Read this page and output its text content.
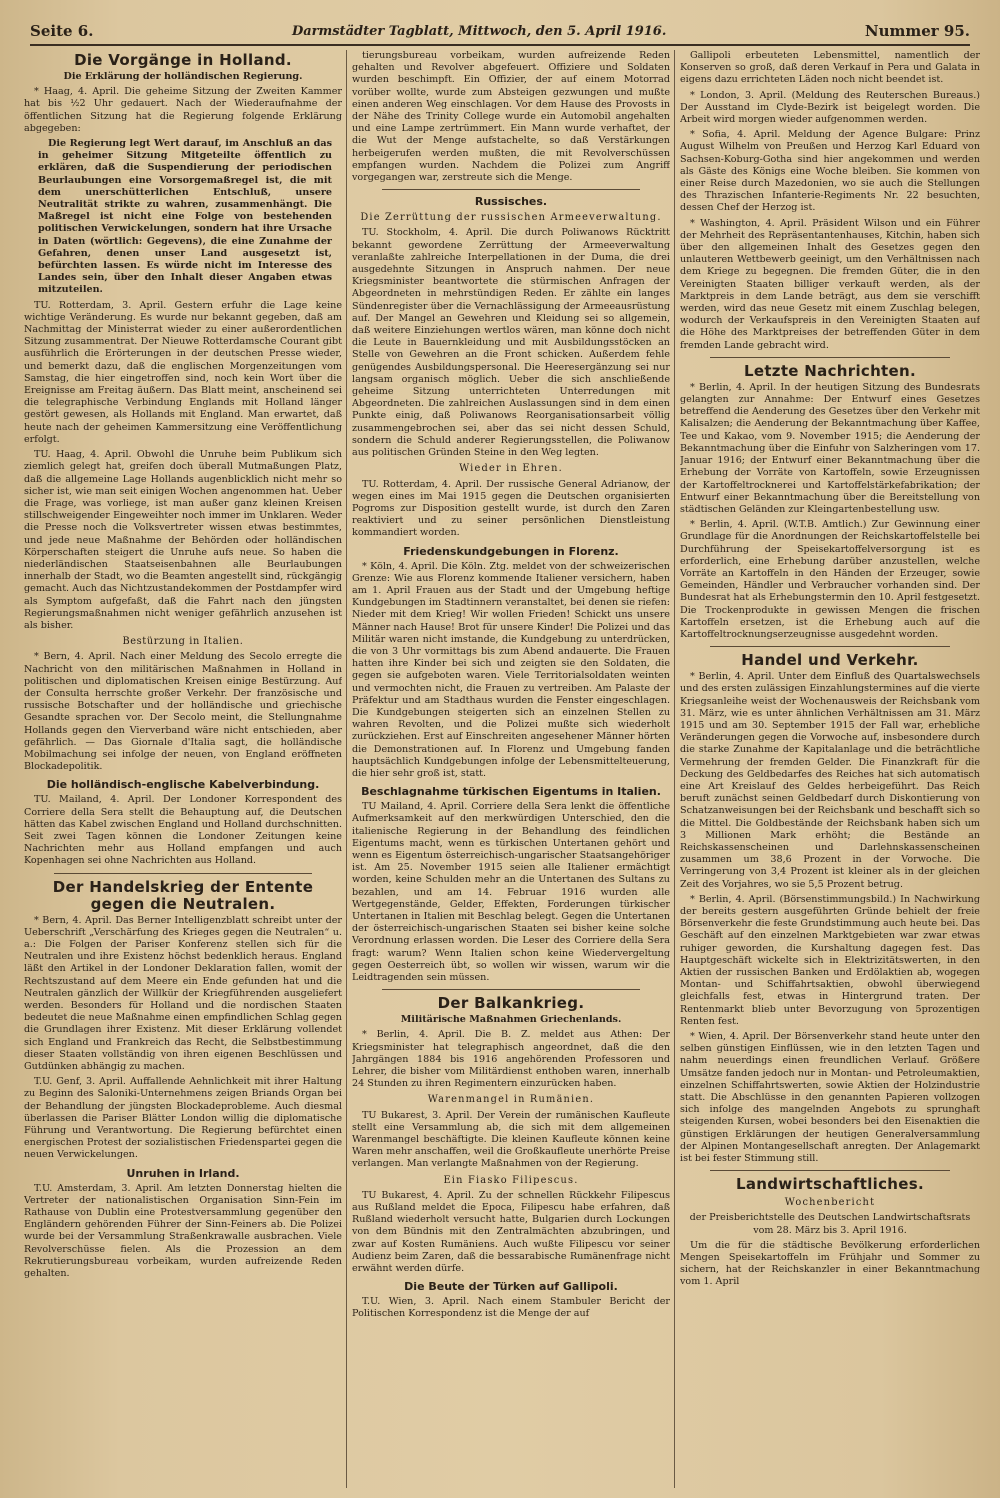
Seite 6.	Darmstädter Tagblatt, Mittwoch, den 5. April 1916.	Nummer 95.
Die Vorgänge in Holland.
Die Erklärung der holländischen Regierung.

* Haag, 4. April. Die geheime Sitzung der Zweiten Kammer hat bis ½2 Uhr gedauert. Nach der Wiederaufnahme der öffentlichen Sitzung hat die Regierung folgende Erklärung abgegeben:

Die Regierung legt Wert darauf, im Anschluß an das in geheimer Sitzung Mitgeteilte öffentlich zu erklären, daß die Suspendierung der periodischen Beurlaubungen eine Vorsorgemaßregel ist, die mit dem unerschütterlichen Entschluß, unsere Neutralität strikte zu wahren, zusammenhängt. Die Maßregel ist nicht eine Folge von bestehenden politischen Verwickelungen, sondern hat ihre Ursache in Daten (wörtlich: Gegevens), die eine Zunahme der Gefahren, denen unser Land ausgesetzt ist, befürchten lassen. Es würde nicht im Interesse des Landes sein, über den Inhalt dieser Angaben etwas mitzuteilen.

TU. Rotterdam, 3. April. Gestern erfuhr die Lage keine wichtige Veränderung. Es wurde nur bekannt gegeben, daß am Nachmittag der Ministerrat wieder zu einer außerordentlichen Sitzung zusammentrat. Der Nieuwe Rotterdamsche Courant gibt ausführlich die Erörterungen in der deutschen Presse wieder, und bemerkt dazu, daß die englischen Morgenzeitungen vom Samstag, die hier eingetroffen sind, noch kein Wort über die Ereignisse am Freitag äußern. Das Blatt meint, anscheinend sei die telegraphische Verbindung Englands mit Holland länger gestört gewesen, als Hollands mit England. Man erwartet, daß heute nach der geheimen Kammersitzung eine Veröffentlichung erfolgt.

TU. Haag, 4. April. Obwohl die Unruhe beim Publikum sich ziemlich gelegt hat, greifen doch überall Mutmaßungen Platz, daß die allgemeine Lage Hollands augenblicklich nicht mehr so sicher ist, wie man seit einigen Wochen angenommen hat. Ueber die Frage, was vorliege, ist man außer ganz kleinen Kreisen stillschweigender Eingeweihter noch immer im Unklaren. Weder die Presse noch die Volksvertreter wissen etwas bestimmtes, und jede neue Maßnahme der Behörden oder holländischen Körperschaften steigert die Unruhe aufs neue. So haben die niederländischen Staatseisenbahnen alle Beurlaubungen innerhalb der Stadt, wo die Beamten angestellt sind, rückgängig gemacht. Auch das Nichtzustandekommen der Postdampfer wird als Symptom aufgefaßt, daß die Fahrt nach den jüngsten Regierungsmaßnahmen nicht weniger gefährlich anzusehen ist als bisher.

Bestürzung in Italien.

* Bern, 4. April. Nach einer Meldung des Secolo erregte die Nachricht von den militärischen Maßnahmen in Holland in politischen und diplomatischen Kreisen einige Bestürzung. Auf der Consulta herrschte großer Verkehr. Der französische und russische Botschafter und der holländische und griechische Gesandte sprachen vor. Der Secolo meint, die Stellungnahme Hollands gegen den Vierverband wäre nicht entschieden, aber gefährlich. — Das Giornale d'Italia sagt, die holländische Mobilmachung sei infolge der neuen, von England eröffneten Blockadepolitik.

Die holländisch-englische Kabelverbindung.

TU. Mailand, 4. April. Der Londoner Korrespondent des Corriere della Sera stellt die Behauptung auf, die Deutschen hätten das Kabel zwischen England und Holland durchschnitten. Seit zwei Tagen können die Londoner Zeitungen keine Nachrichten mehr aus Holland empfangen und auch Kopenhagen sei ohne Nachrichten aus Holland.

Der Handelskrieg der Entente gegen die Neutralen.

* Bern, 4. April. Das Berner Intelligenzblatt schreibt unter der Ueberschrift „Verschärfung des Krieges gegen die Neutralen“ u. a.: Die Folgen der Pariser Konferenz stellen sich für die Neutralen und ihre Existenz höchst bedenklich heraus. England läßt den Artikel in der Londoner Deklaration fallen, womit der Rechtszustand auf dem Meere ein Ende gefunden hat und die Neutralen gänzlich der Willkür der Kriegführenden ausgeliefert werden. Besonders für Holland und die nordischen Staaten bedeutet die neue Maßnahme einen empfindlichen Schlag gegen die Grundlagen ihrer Existenz. Mit dieser Erklärung vollendet sich England und Frankreich das Recht, die Selbstbestimmung dieser Staaten vollständig von ihren eigenen Beschlüssen und Gutdünken abhängig zu machen.

T.U. Genf, 3. April. Auffallende Aehnlichkeit mit ihrer Haltung zu Beginn des Saloniki-Unternehmens zeigen Briands Organ bei der Behandlung der jüngsten Blockadeprobleme. Auch diesmal überlassen die Pariser Blätter London willig die diplomatische Führung und Verantwortung. Die Regierung befürchtet einen energischen Protest der sozialistischen Friedenspartei gegen die neuen Verwickelungen.

Unruhen in Irland.

T.U. Amsterdam, 3. April. Am letzten Donnerstag hielten die Vertreter der nationalistischen Organisation Sinn-Fein im Rathause von Dublin eine Protestversammlung gegenüber den Engländern gehörenden Führer der Sinn-Feiners ab. Die Polizei wurde bei der Versammlung Straßenkrawalle ausbrachen. Viele Revolverschüsse fielen. Als die Prozession an dem Rekrutierungsbureau vorbeikam, wurden aufreizende Reden gehalten.

tierungsbureau vorbeikam, wurden aufreizende Reden gehalten und Revolver abgefeuert. Offiziere und Soldaten wurden beschimpft. Ein Offizier, der auf einem Motorrad vorüber wollte, wurde zum Absteigen gezwungen und mußte einen anderen Weg einschlagen. Vor dem Hause des Provosts in der Nähe des Trinity College wurde ein Automobil angehalten und eine Lampe zertrümmert. Ein Mann wurde verhaftet, der die Wut der Menge aufstachelte, so daß Verstärkungen herbeigerufen werden mußten, die mit Revolverschüssen empfangen wurden. Nachdem die Polizei zum Angriff vorgegangen war, zerstreute sich die Menge.

Russisches.
Die Zerrüttung der russischen Armeeverwaltung.

TU. Stockholm, 4. April. Die durch Poliwanows Rücktritt bekannt gewordene Zerrüttung der Armeeverwaltung veranlaßte zahlreiche Interpellationen in der Duma, die drei ausgedehnte Sitzungen in Anspruch nahmen. Der neue Kriegsminister beantwortete die stürmischen Anfragen der Abgeordneten in mehrstündigen Reden. Er zählte ein langes Sündenregister über die Vernachlässigung der Armeeausrüstung auf. Der Mangel an Gewehren und Kleidung sei so allgemein, daß weitere Einziehungen wertlos wären, man könne doch nicht die Leute in Bauernkleidung und mit Ausbildungsstöcken an Stelle von Gewehren an die Front schicken. Außerdem fehle genügendes Ausbildungspersonal. Die Heeresergänzung sei nur langsam organisch möglich. Ueber die sich anschließende geheime Sitzung unterrichteten Unterredungen mit Abgeordneten. Die zahlreichen Auslassungen sind in dem einen Punkte einig, daß Poliwanows Reorganisationsarbeit völlig zusammengebrochen sei, aber das sei nicht dessen Schuld, sondern die Schuld anderer Regierungsstellen, die Poliwanow aus politischen Gründen Steine in den Weg legten.

Wieder in Ehren.

TU. Rotterdam, 4. April. Der russische General Adrianow, der wegen eines im Mai 1915 gegen die Deutschen organisierten Pogroms zur Disposition gestellt wurde, ist durch den Zaren reaktiviert und zu seiner persönlichen Dienstleistung kommandiert worden.

Friedenskundgebungen in Florenz.

* Köln, 4. April. Die Köln. Ztg. meldet von der schweizerischen Grenze: Wie aus Florenz kommende Italiener versichern, haben am 1. April Frauen aus der Stadt und der Umgebung heftige Kundgebungen im Stadtinnern veranstaltet, bei denen sie riefen: Nieder mit dem Krieg! Wir wollen Frieden! Schickt uns unsere Männer nach Hause! Brot für unsere Kinder! Die Polizei und das Militär waren nicht imstande, die Kundgebung zu unterdrücken, die von 3 Uhr vormittags bis zum Abend andauerte. Die Frauen hatten ihre Kinder bei sich und zeigten sie den Soldaten, die gegen sie aufgeboten waren. Viele Territorialsoldaten weinten und vermochten nicht, die Frauen zu vertreiben. Am Palaste der Präfektur und am Stadthaus wurden die Fenster eingeschlagen. Die Kundgebungen steigerten sich an einzelnen Stellen zu wahren Revolten, und die Polizei mußte sich wiederholt zurückziehen. Erst auf Einschreiten angesehener Männer hörten die Demonstrationen auf. In Florenz und Umgebung fanden hauptsächlich Kundgebungen infolge der Lebensmittelteuerung, die hier sehr groß ist, statt.

Beschlagnahme türkischen Eigentums in Italien.

TU Mailand, 4. April. Corriere della Sera lenkt die öffentliche Aufmerksamkeit auf den merkwürdigen Unterschied, den die italienische Regierung in der Behandlung des feindlichen Eigentums macht, wenn es türkischen Untertanen gehört und wenn es Eigentum österreichisch-ungarischer Staatsangehöriger ist. Am 25. November 1915 seien alle Italiener ermächtigt worden, keine Schulden mehr an die Untertanen des Sultans zu bezahlen, und am 14. Februar 1916 wurden alle Wertgegenstände, Gelder, Effekten, Forderungen türkischer Untertanen in Italien mit Beschlag belegt. Gegen die Untertanen der österreichisch-ungarischen Staaten sei bisher keine solche Verordnung erlassen worden. Die Leser des Corriere della Sera fragt: warum? Wenn Italien schon keine Wiedervergeltung gegen Oesterreich übt, so wollen wir wissen, warum wir die Leidtragenden sein müssen.

Der Balkankrieg.
Militärische Maßnahmen Griechenlands.

* Berlin, 4. April. Die B. Z. meldet aus Athen: Der Kriegsminister hat telegraphisch angeordnet, daß die den Jahrgängen 1884 bis 1916 angehörenden Professoren und Lehrer, die bisher vom Militärdienst enthoben waren, innerhalb 24 Stunden zu ihren Regimentern einzurücken haben.

Warenmangel in Rumänien.

TU Bukarest, 3. April. Der Verein der rumänischen Kaufleute stellt eine Versammlung ab, die sich mit dem allgemeinen Warenmangel beschäftigte. Die kleinen Kaufleute können keine Waren mehr anschaffen, weil die Großkaufleute unerhörte Preise verlangen. Man verlangte Maßnahmen von der Regierung.

Ein Fiasko Filipescus.

TU Bukarest, 4. April. Zu der schnellen Rückkehr Filipescus aus Rußland meldet die Epoca, Filipescu habe erfahren, daß Rußland wiederholt versucht hatte, Bulgarien durch Lockungen von dem Bündnis mit den Zentralmächten abzubringen, und zwar auf Kosten Rumäniens. Auch wußte Filipescu vor seiner Audienz beim Zaren, daß die bessarabische Rumänenfrage nicht erwähnt werden dürfe.

Die Beute der Türken auf Gallipoli.

T.U. Wien, 3. April. Nach einem Stambuler Bericht der Politischen Korrespondenz ist die Menge der auf

Gallipoli erbeuteten Lebensmittel, namentlich der Konserven so groß, daß deren Verkauf in Pera und Galata in eigens dazu errichteten Läden noch nicht beendet ist.

* London, 3. April. (Meldung des Reuterschen Bureaus.) Der Ausstand im Clyde-Bezirk ist beigelegt worden. Die Arbeit wird morgen wieder aufgenommen werden.

* Sofia, 4. April. Meldung der Agence Bulgare: Prinz August Wilhelm von Preußen und Herzog Karl Eduard von Sachsen-Koburg-Gotha sind hier angekommen und werden als Gäste des Königs eine Woche bleiben. Sie kommen von einer Reise durch Mazedonien, wo sie auch die Stellungen des Thrazischen Infanterie-Regiments Nr. 22 besuchten, dessen Chef der Herzog ist.

* Washington, 4. April. Präsident Wilson und ein Führer der Mehrheit des Repräsentantenhauses, Kitchin, haben sich über den allgemeinen Inhalt des Gesetzes gegen den unlauteren Wettbewerb geeinigt, um den Verhältnissen nach dem Kriege zu begegnen. Die fremden Güter, die in den Vereinigten Staaten billiger verkauft werden, als der Marktpreis in dem Lande beträgt, aus dem sie verschifft werden, wird das neue Gesetz mit einem Zuschlag belegen, wodurch der Verkaufspreis in den Vereinigten Staaten auf die Höhe des Marktpreises der betreffenden Güter in dem fremden Lande gebracht wird.

Letzte Nachrichten.

* Berlin, 4. April. In der heutigen Sitzung des Bundesrats gelangten zur Annahme: Der Entwurf eines Gesetzes betreffend die Aenderung des Gesetzes über den Verkehr mit Kalisalzen; die Aenderung der Bekanntmachung über Kaffee, Tee und Kakao, vom 9. November 1915; die Aenderung der Bekanntmachung über die Einfuhr von Salzheringen vom 17. Januar 1916; der Entwurf einer Bekanntmachung über die Erhebung der Vorräte von Kartoffeln, sowie Erzeugnissen der Kartoffeltrocknerei und Kartoffelstärkefabrikation; der Entwurf einer Bekanntmachung über die Bereitstellung von städtischen Geländen zur Kleingartenbestellung usw.

* Berlin, 4. April. (W.T.B. Amtlich.) Zur Gewinnung einer Grundlage für die Anordnungen der Reichskartoffelstelle bei Durchführung der Speisekartoffelversorgung ist es erforderlich, eine Erhebung darüber anzustellen, welche Vorräte an Kartoffeln in den Händen der Erzeuger, sowie Gemeinden, Händler und Verbraucher vorhanden sind. Der Bundesrat hat als Erhebungstermin den 10. April festgesetzt. Die Trockenprodukte in gewissen Mengen die frischen Kartoffeln ersetzen, ist die Erhebung auch auf die Kartoffeltrocknungserzeugnisse ausgedehnt worden.

Handel und Verkehr.

* Berlin, 4. April. Unter dem Einfluß des Quartalswechsels und des ersten zulässigen Einzahlungstermines auf die vierte Kriegsanleihe weist der Wochenausweis der Reichsbank vom 31. März, wie es unter ähnlichen Verhältnissen am 31. März 1915 und am 30. September 1915 der Fall war, erhebliche Veränderungen gegen die Vorwoche auf, insbesondere durch die starke Zunahme der Kapitalanlage und die beträchtliche Vermehrung der fremden Gelder. Die Finanzkraft für die Deckung des Geldbedarfes des Reiches hat sich automatisch eine Art Kreislauf des Geldes herbeigeführt. Das Reich beruft zunächst seinen Geldbedarf durch Diskontierung von Schatzanweisungen bei der Reichsbank und beschafft sich so die Mittel. Die Goldbestände der Reichsbank haben sich um 3 Millionen Mark erhöht; die Bestände an Reichskassenscheinen und Darlehnskassenscheinen zusammen um 38,6 Prozent in der Vorwoche. Die Verringerung von 3,4 Prozent ist kleiner als in der gleichen Zeit des Vorjahres, wo sie 5,5 Prozent betrug.

* Berlin, 4. April. (Börsenstimmungsbild.) In Nachwirkung der bereits gestern ausgeführten Gründe behielt der freie Börsenverkehr die feste Grundstimmung auch heute bei. Das Geschäft auf den einzelnen Marktgebieten war zwar etwas ruhiger geworden, die Kurshaltung dagegen fest. Das Hauptgeschäft wickelte sich in Elektrizitätswerten, in den Aktien der russischen Banken und Erdölaktien ab, wogegen Montan- und Schiffahrtsaktien, obwohl überwiegend gleichfalls fest, etwas in Hintergrund traten. Der Rentenmarkt blieb unter Bevorzugung von 5prozentigen Renten fest.

* Wien, 4. April. Der Börsenverkehr stand heute unter den selben günstigen Einflüssen, wie in den letzten Tagen und nahm neuerdings einen freundlichen Verlauf. Größere Umsätze fanden jedoch nur in Montan- und Petroleumaktien, einzelnen Schiffahrtswerten, sowie Aktien der Holzindustrie statt. Die Abschlüsse in den genannten Papieren vollzogen sich infolge des mangelnden Angebots zu sprunghaft steigenden Kursen, wobei besonders bei den Eisenaktien die günstigen Erklärungen der heutigen Generalversammlung der Alpinen Montangesellschaft anregten. Der Anlagemarkt ist bei fester Stimmung still.

Landwirtschaftliches.
Wochenbericht
der Preisberichtstelle des Deutschen Landwirtschaftsrats vom 28. März bis 3. April 1916.

Um die für die städtische Bevölkerung erforderlichen Mengen Speisekartoffeln im Frühjahr und Sommer zu sichern, hat der Reichskanzler in einer Bekanntmachung vom 1. April
